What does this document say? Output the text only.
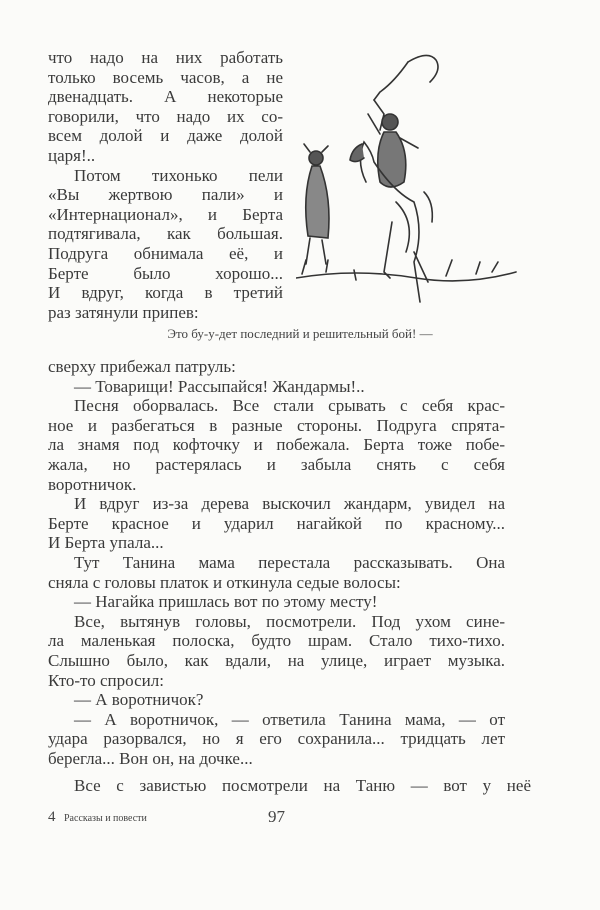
что надо на них работать
только восемь часов, а не
двенадцать. А некоторые
говорили, что надо их со-
всем долой и даже долой
царя!..
Потом тихонько пели
«Вы жертвою пали» и
«Интернационал», и Берта
подтягивала, как большая.
Подруга обнимала её, и
Берте было хорошо...
И вдруг, когда в третий
раз затянули припев:
Это бу-у-дет последний и решительный бой! —
сверху прибежал патруль:
— Товарищи! Рассыпайся! Жандармы!..
Песня оборвалась. Все стали срывать с себя крас-
ное и разбегаться в разные стороны. Подруга спрята-
ла знамя под кофточку и побежала. Берта тоже побе-
жала, но растерялась и забыла снять с себя
воротничок.
И вдруг из-за дерева выскочил жандарм, увидел на
Берте красное и ударил нагайкой по красному...
И Берта упала...
Тут Танина мама перестала рассказывать. Она
сняла с головы платок и откинула седые волосы:
— Нагайка пришлась вот по этому месту!
Все, вытянув головы, посмотрели. Под ухом сине-
ла маленькая полоска, будто шрам. Стало тихо-тихо.
Слышно было, как вдали, на улице, играет музыка.
Кто-то спросил:
— А воротничок?
— А воротничок, — ответила Танина мама, — от
удара разорвался, но я его сохранила... тридцать лет
берегла... Вон он, на дочке...
Все с завистью посмотрели на Таню — вот у неё
4 Рассказы и повести	97
